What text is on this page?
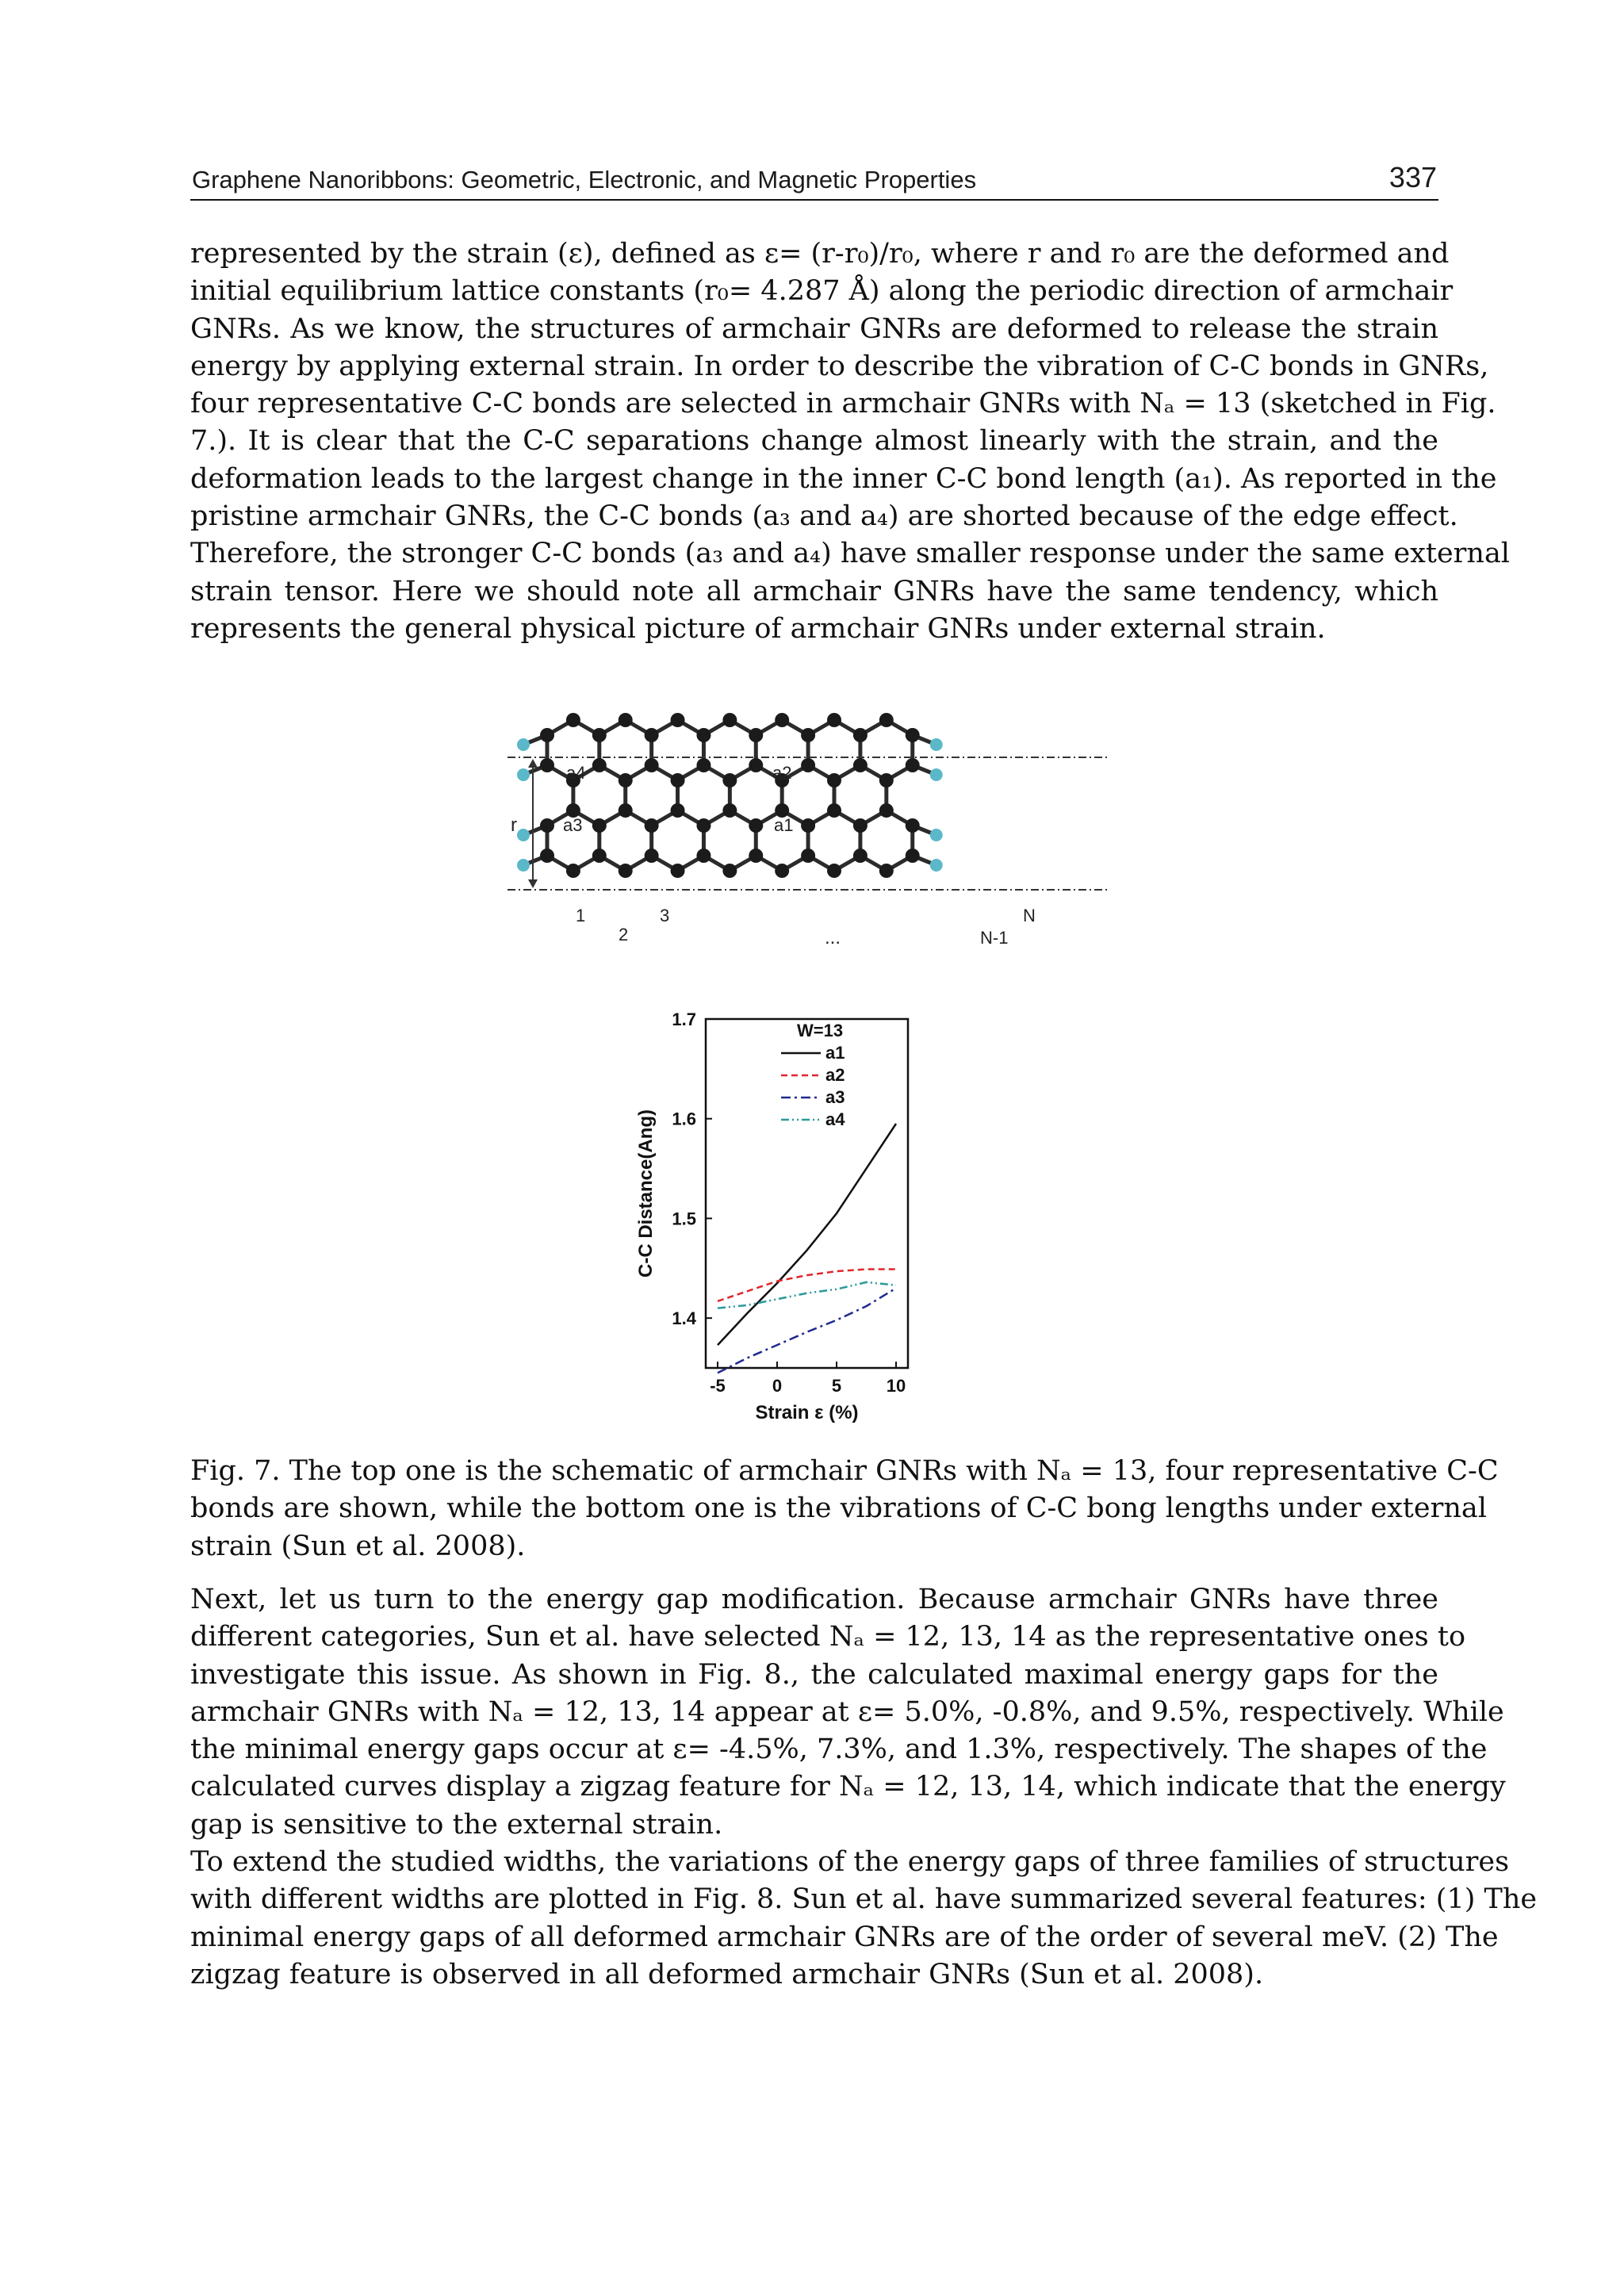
Graphene Nanoribbons: Geometric, Electronic, and Magnetic Properties	337
represented by the strain (ε), defined as ε= (r-r₀)/r₀, where r and r₀ are the deformed and
initial equilibrium lattice constants (r₀= 4.287 Å) along the periodic direction of armchair
GNRs. As we know, the structures of armchair GNRs are deformed to release the strain
energy by applying external strain. In order to describe the vibration of C-C bonds in GNRs,
four representative C-C bonds are selected in armchair GNRs with Nₐ = 13 (sketched in Fig.
7.). It is clear that the C-C separations change almost linearly with the strain, and the
deformation leads to the largest change in the inner C-C bond length (a₁). As reported in the
pristine armchair GNRs, the C-C bonds (a₃ and a₄) are shorted because of the edge effect.
Therefore, the stronger C-C bonds (a₃ and a₄) have smaller response under the same external
strain tensor. Here we should note all armchair GNRs have the same tendency, which
represents the general physical picture of armchair GNRs under external strain.
r
a4	a2
a3	a1
1
2
3
...
N
N-1
1.4
1.5
1.6
1.7
-5	0	5	10
Strain ε (%)
C-C Distance(Ang)
W=13
a1
a2
a3
a4
Fig. 7. The top one is the schematic of armchair GNRs with Nₐ = 13, four representative C-C
bonds are shown, while the bottom one is the vibrations of C-C bong lengths under external
strain (Sun et al. 2008).
Next, let us turn to the energy gap modification. Because armchair GNRs have three
different categories, Sun et al. have selected Nₐ = 12, 13, 14 as the representative ones to
investigate this issue. As shown in Fig. 8., the calculated maximal energy gaps for the
armchair GNRs with Nₐ = 12, 13, 14 appear at ε= 5.0%, -0.8%, and 9.5%, respectively. While
the minimal energy gaps occur at ε= -4.5%, 7.3%, and 1.3%, respectively. The shapes of the
calculated curves display a zigzag feature for Nₐ = 12, 13, 14, which indicate that the energy
gap is sensitive to the external strain.
To extend the studied widths, the variations of the energy gaps of three families of structures
with different widths are plotted in Fig. 8. Sun et al. have summarized several features: (1) The
minimal energy gaps of all deformed armchair GNRs are of the order of several meV. (2) The
zigzag feature is observed in all deformed armchair GNRs (Sun et al. 2008).
